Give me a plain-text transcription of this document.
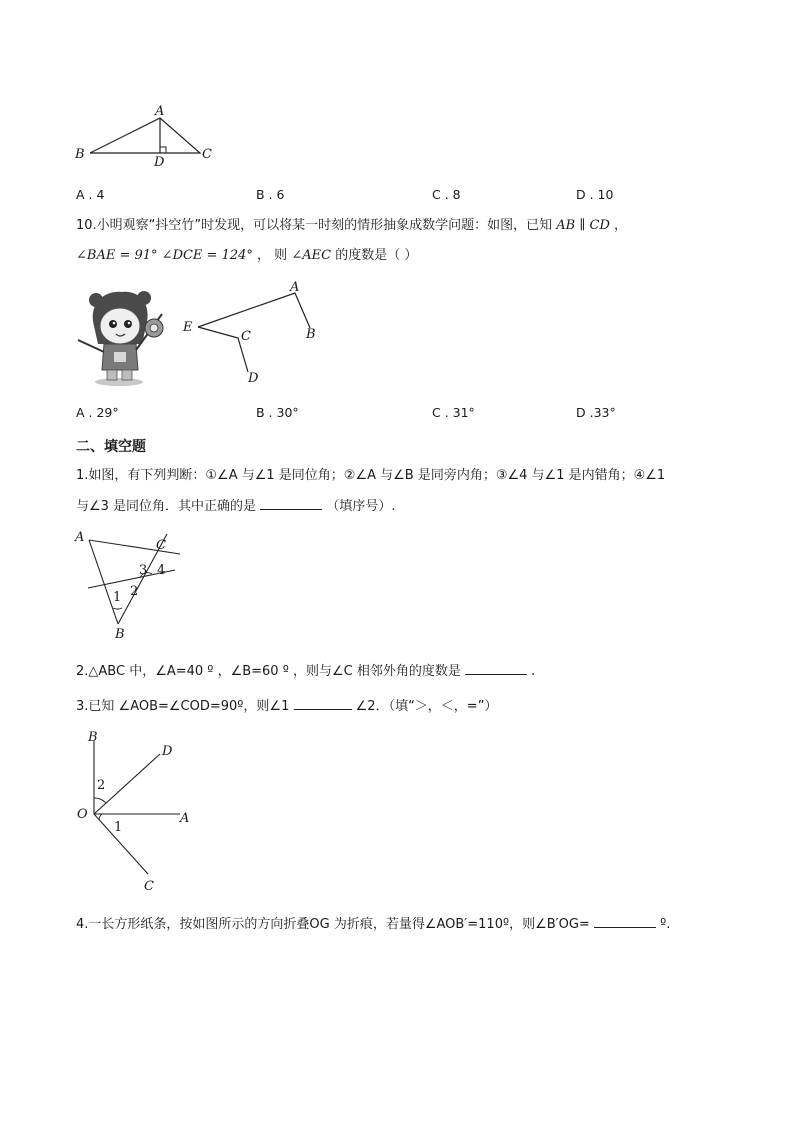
A
B	C
D
A . 4	B . 6	C . 8	D . 10
10.小明观察“抖空竹”时发现，可以将某一时刻的情形抽象成数学问题：如图，已知 AB ∥ CD ，
∠BAE = 91° ∠DCE = 124° ， 则 ∠AEC 的度数是（ ）
A
B
E
C
D
A . 29°	B . 30°	C . 31°	D .33°
二、填空题
1.如图，有下列判断：①∠A 与∠1 是同位角；②∠A 与∠B 是同旁内角；③∠4 与∠1 是内错角；④∠1
与∠3 是同位角．其中正确的是	（填序号）.
A
C
3 4
1 2
B
2.△ABC 中，∠A=40 º ，∠B=60 º ，则与∠C 相邻外角的度数是	.
3.已知 ∠AOB=∠COD=90º，则∠1	∠2．（填“＞，＜，=”）
B
D
2
O	A
1
C
4.一长方形纸条，按如图所示的方向折叠OG 为折痕，若量得∠AOB′=110º，则∠B′OG=	º.
